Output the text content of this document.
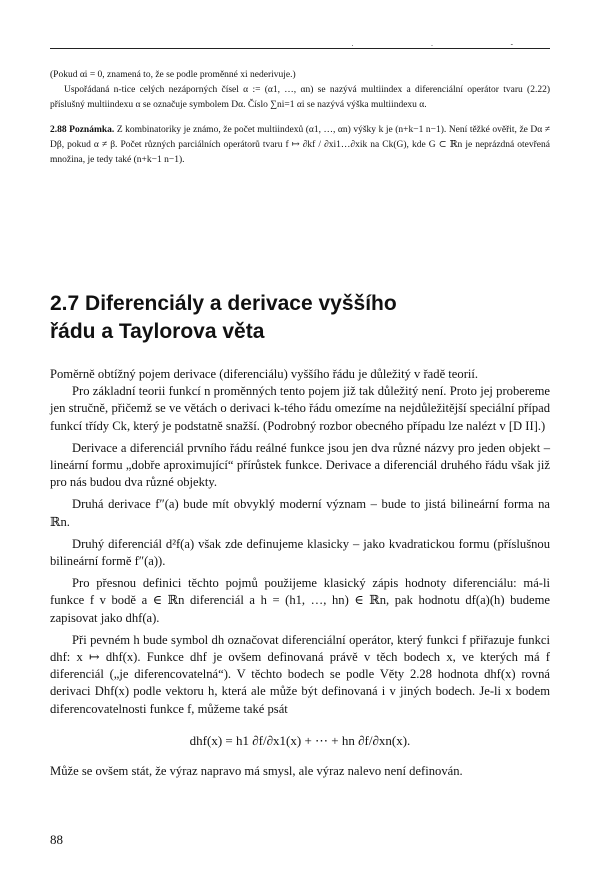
. . -

(Pokud αi = 0, znamená to, že se podle proměnné xi nederivuje.)

Uspořádaná n-tice celých nezáporných čísel α := (α1, …, αn) se nazývá multiindex a diferenciální operátor tvaru (2.22) příslušný multiindexu α se označuje symbolem Dα. Číslo ∑ni=1 αi se nazývá výška multiindexu α.

2.88 Poznámka. Z kombinatoriky je známo, že počet multiindexů (α1, …, αn) výšky k je (n+k−1 n−1). Není těžké ověřit, že Dα ≠ Dβ, pokud α ≠ β. Počet různých parciálních operátorů tvaru f ↦ ∂kf / ∂xi1…∂xik na Ck(G), kde G ⊂ ℝn je neprázdná otevřená množina, je tedy také (n+k−1 n−1).

2.7 Diferenciály a derivace vyššího
řádu a Taylorova věta

Poměrně obtížný pojem derivace (diferenciálu) vyššího řádu je důležitý v řadě teorií.

Pro základní teorii funkcí n proměnných tento pojem již tak důležitý není. Proto jej probereme jen stručně, přičemž se ve větách o derivaci k-tého řádu omezíme na nejdůležitější speciální případ funkcí třídy Ck, který je podstatně snažší. (Podrobný rozbor obecného případu lze nalézt v [D II].)

Derivace a diferenciál prvního řádu reálné funkce jsou jen dva různé názvy pro jeden objekt – lineární formu „dobře aproximující“ přírůstek funkce. Derivace a diferenciál druhého řádu však již pro nás budou dva různé objekty.

Druhá derivace f″(a) bude mít obvyklý moderní význam – bude to jistá bilineární forma na ℝn.

Druhý diferenciál d²f(a) však zde definujeme klasicky – jako kvadratickou formu (příslušnou bilineární formě f″(a)).

Pro přesnou definici těchto pojmů použijeme klasický zápis hodnoty diferenciálu: má-li funkce f v bodě a ∈ ℝn diferenciál a h = (h1, …, hn) ∈ ℝn, pak hodnotu df(a)(h) budeme zapisovat jako dhf(a).

Při pevném h bude symbol dh označovat diferenciální operátor, který funkci f přiřazuje funkci dhf: x ↦ dhf(x). Funkce dhf je ovšem definovaná právě v těch bodech x, ve kterých má f diferenciál („je diferencovatelná“). V těchto bodech se podle Věty 2.28 hodnota dhf(x) rovná derivaci Dhf(x) podle vektoru h, která ale může být definovaná i v jiných bodech. Je-li x bodem diferencovatelnosti funkce f, můžeme také psát

dhf(x) = h1 ∂f/∂x1(x) + ⋯ + hn ∂f/∂xn(x).

Může se ovšem stát, že výraz napravo má smysl, ale výraz nalevo není definován.

88
